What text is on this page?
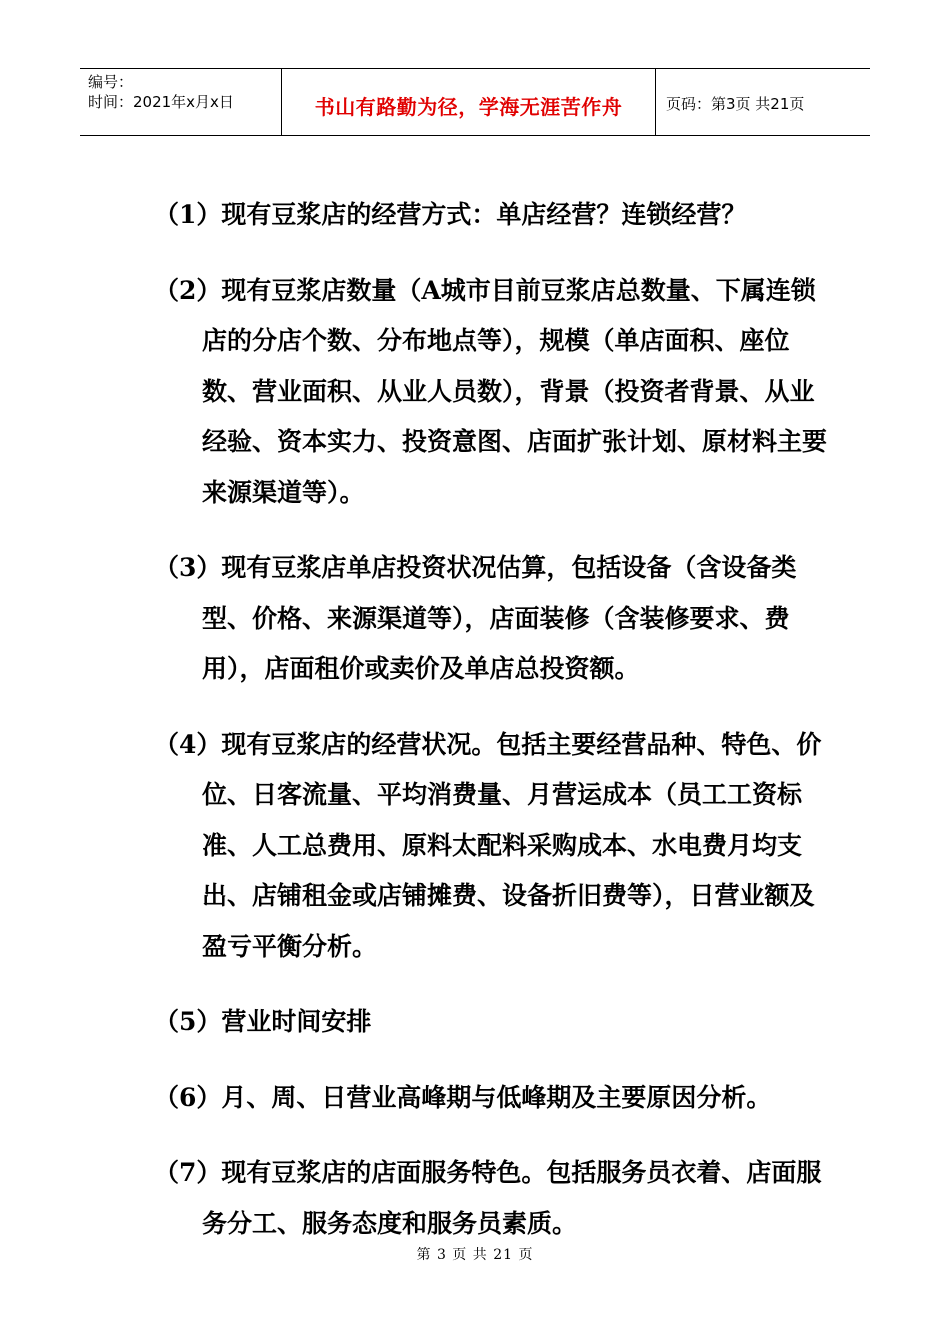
编号：
时间：2021年x月x日	书山有路勤为径，学海无涯苦作舟	页码：第3页 共21页

（1）现有豆浆店的经营方式：单店经营？连锁经营？

（2）现有豆浆店数量（A城市目前豆浆店总数量、下属连锁店的分店个数、分布地点等），规模（单店面积、座位数、营业面积、从业人员数），背景（投资者背景、从业经验、资本实力、投资意图、店面扩张计划、原材料主要来源渠道等）。

（3）现有豆浆店单店投资状况估算，包括设备（含设备类型、价格、来源渠道等），店面装修（含装修要求、费用），店面租价或卖价及单店总投资额。

（4）现有豆浆店的经营状况。包括主要经营品种、特色、价位、日客流量、平均消费量、月营运成本（员工工资标准、人工总费用、原料太配料采购成本、水电费月均支出、店铺租金或店铺摊费、设备折旧费等），日营业额及盈亏平衡分析。

（5）营业时间安排

（6）月、周、日营业高峰期与低峰期及主要原因分析。

（7）现有豆浆店的店面服务特色。包括服务员衣着、店面服务分工、服务态度和服务员素质。

第 3 页 共 21 页
